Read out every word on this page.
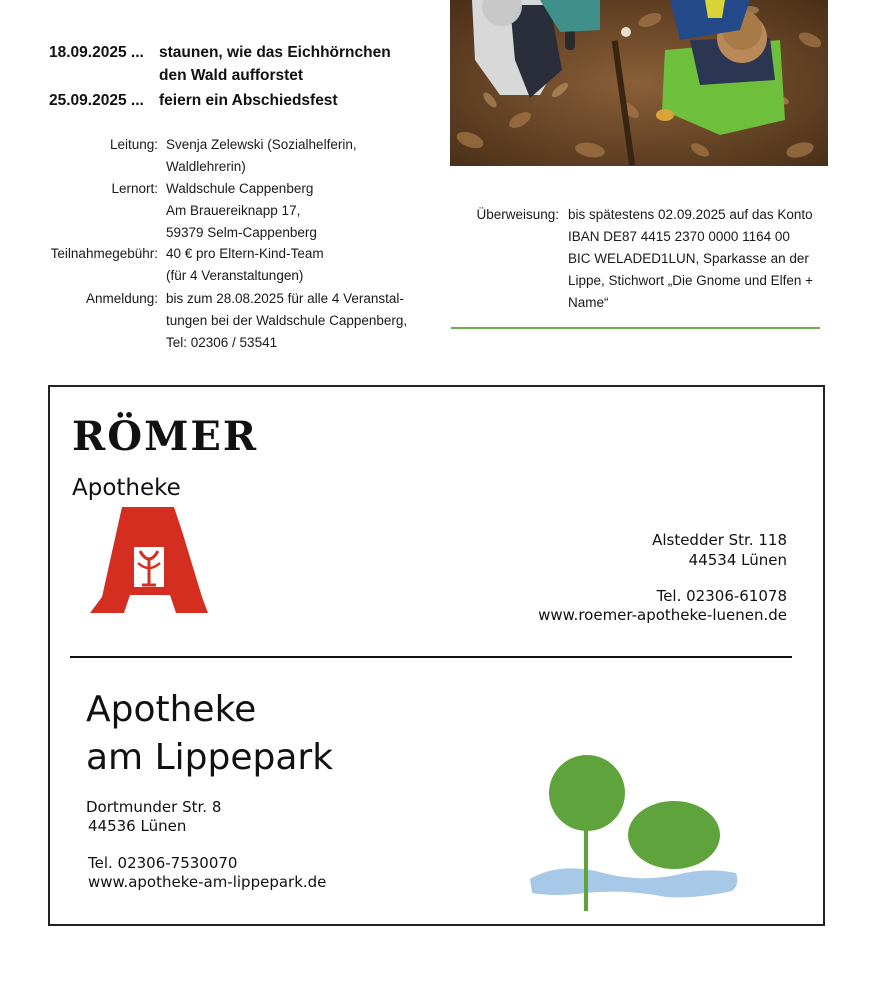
18.09.2025 ... staunen, wie das Eichhörnchen
den Wald aufforstet
25.09.2025 ... feiern ein Abschiedsfest
Leitung: Svenja Zelewski (Sozialhelferin,
Waldlehrerin)
Lernort: Waldschule Cappenberg
Am Brauereiknapp 17,
59379 Selm-Cappenberg
Teilnahmegebühr: 40 € pro Eltern-Kind-Team
(für 4 Veranstaltungen)
Anmeldung: bis zum 28.08.2025 für alle 4 Veranstal-
tungen bei der Waldschule Cappenberg,
Tel: 02306 / 53541
Überweisung: bis spätestens 02.09.2025 auf das Konto
IBAN DE87 4415 2370 0000 1164 00
BIC WELADED1LUN, Sparkasse an der
Lippe, Stichwort „Die Gnome und Elfen +
Name“
RÖMER
Apotheke
Alstedder Str. 118
44534 Lünen
Tel. 02306-61078
www.roemer-apotheke-luenen.de
Apotheke
am Lippepark
Dortmunder Str. 8
44536 Lünen
Tel. 02306-7530070
www.apotheke-am-lippepark.de
